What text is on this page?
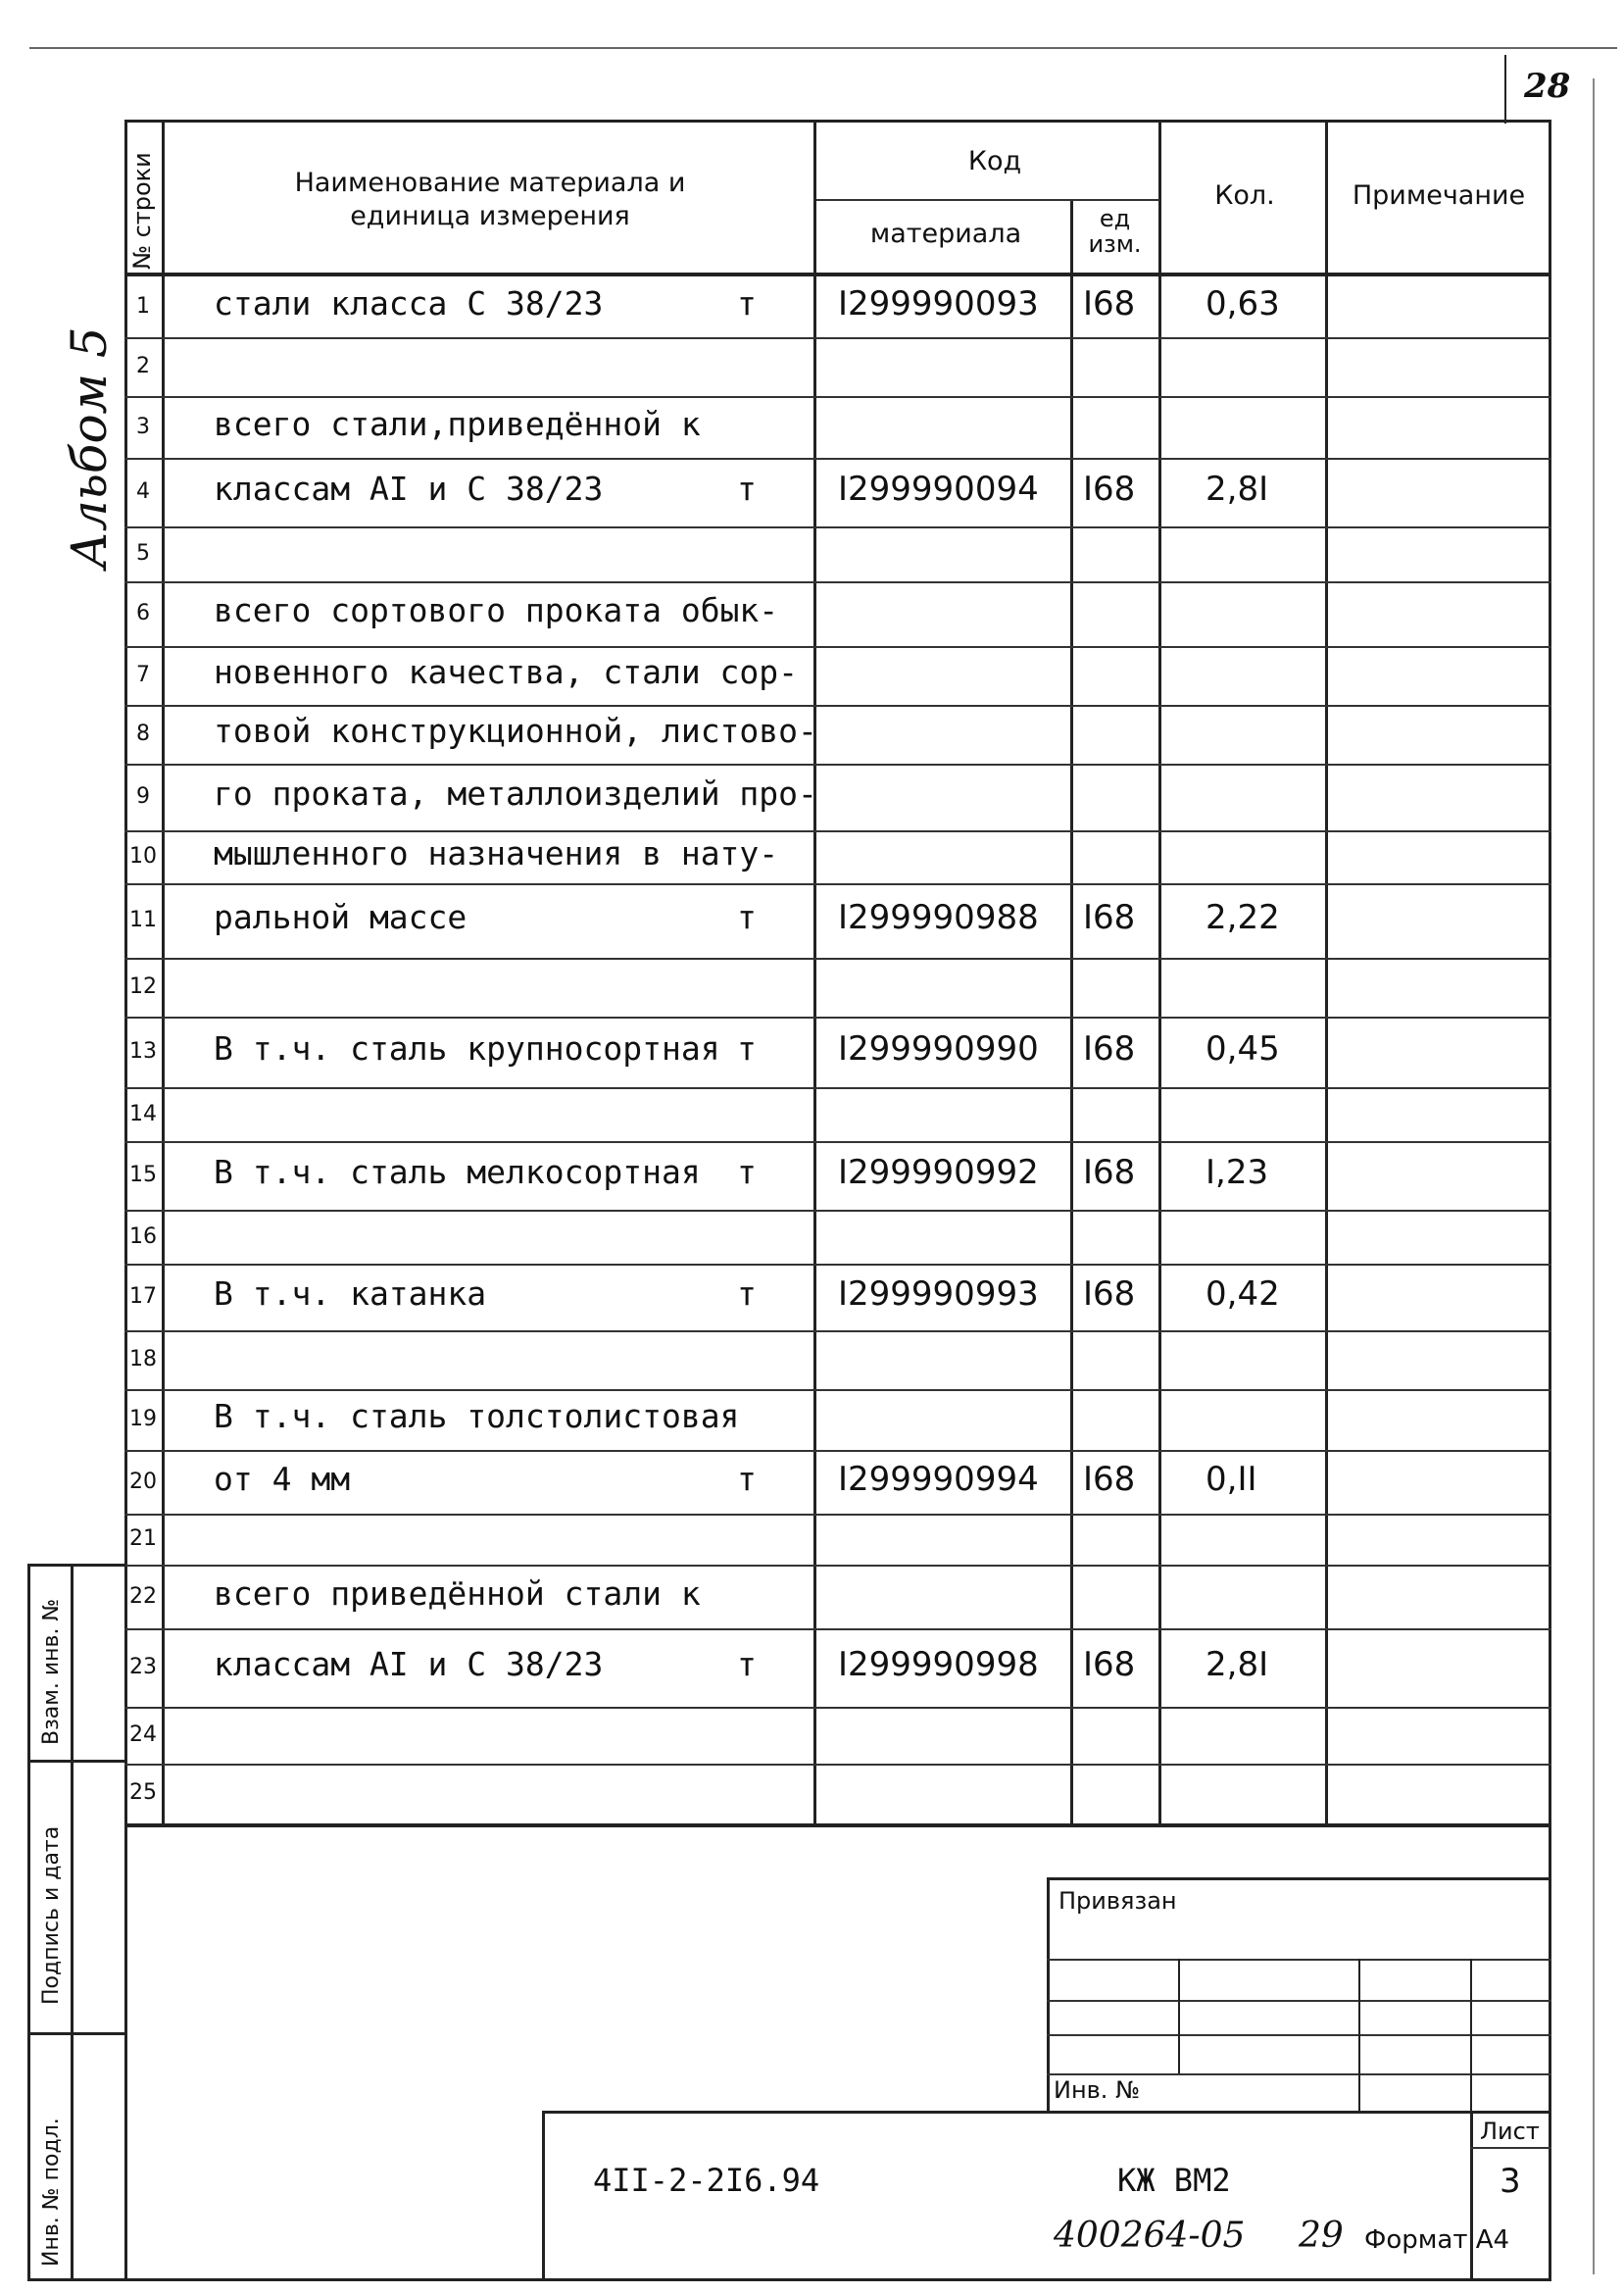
28
Альбом 5
№ строки	Наименование материала и единица измерения
Код
материала	ед изм.
Кол.	Примечание
1 стали класса С 38/23	т I299990093 I68 0,63
2
3 всего стали,приведённой к
4 классам АI и С 38/23	т I299990094 I68 2,8I
5
6 всего сортового проката обык-
7 новенного качества, стали сор-
8 товой конструкционной, листово-
9 го проката, металлоизделий про-
10 мышленного назначения в нату-
11 ральной массе	т I299990988 I68 2,22
12
13 В т.ч. сталь крупносортная т I299990990 I68 0,45
14
15 В т.ч. сталь мелкосортная т I299990992 I68 I,23
16
17 В т.ч. катанка	т I299990993 I68 0,42
18
19 В т.ч. сталь толстолистовая
20 от 4 мм	т I299990994 I68 0,II
21
22 всего приведённой стали к
23 классам АI и С 38/23	т I299990998 I68 2,8I
24
25
Взам. инв. №
Подпись и дата
Инв. № подл.
Привязан
Инв. №
4II-2-2I6.94	КЖ ВМ2
Лист
3
400264-05 29 Формат А4
